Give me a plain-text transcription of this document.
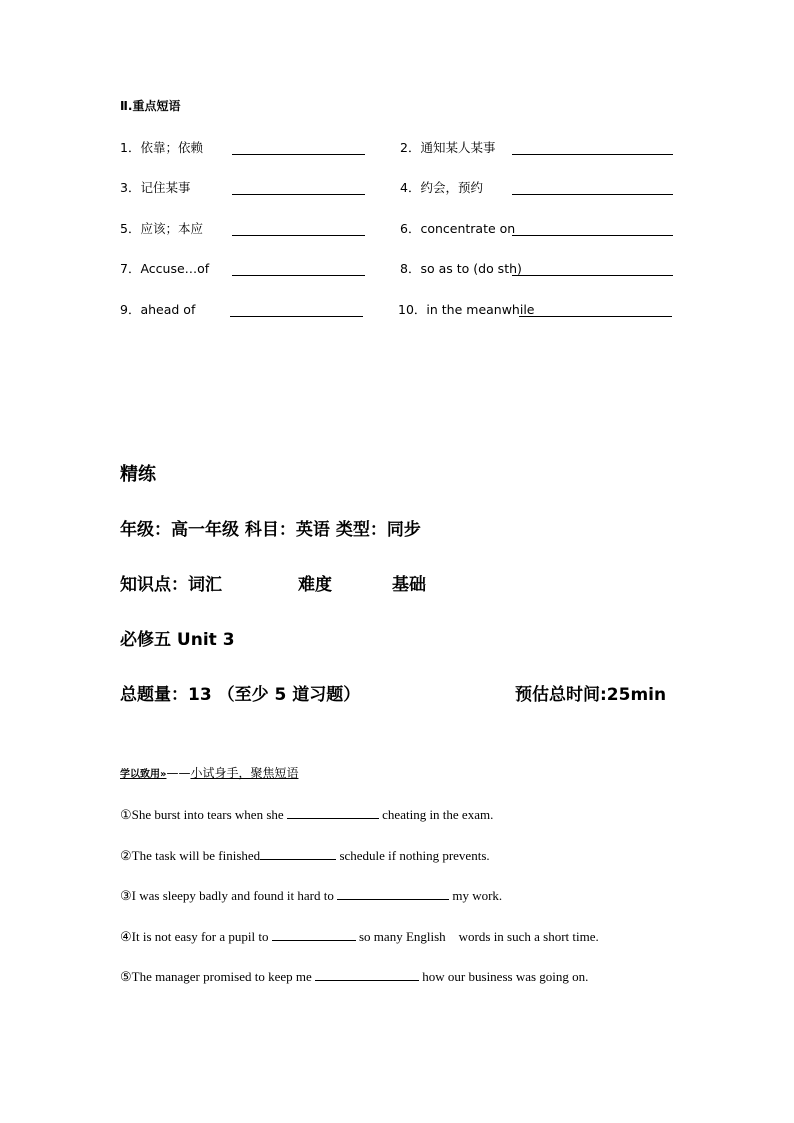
Ⅱ.重点短语
1．依靠；依赖	2．通知某人某事
3．记住某事	4．约会，预约
5．应该；本应	6．concentrate on
7．Accuse…of	8．so as to (do sth)
9．ahead of	10．in the meanwhile
精练
年级：高一年级 科目：英语 类型：同步
知识点：词汇	难度	基础
必修五 Unit 3
总题量：13 （至少 5 道习题）	预估总时间:25min
学以致用»——小试身手，聚焦短语
①She burst into tears when she	cheating in the exam.
②The task will be finished	schedule if nothing prevents.
③I was sleepy badly and found it hard to	my work.
④It is not easy for a pupil to	so many English    words in such a short time.
⑤The manager promised to keep me	how our business was going on.
